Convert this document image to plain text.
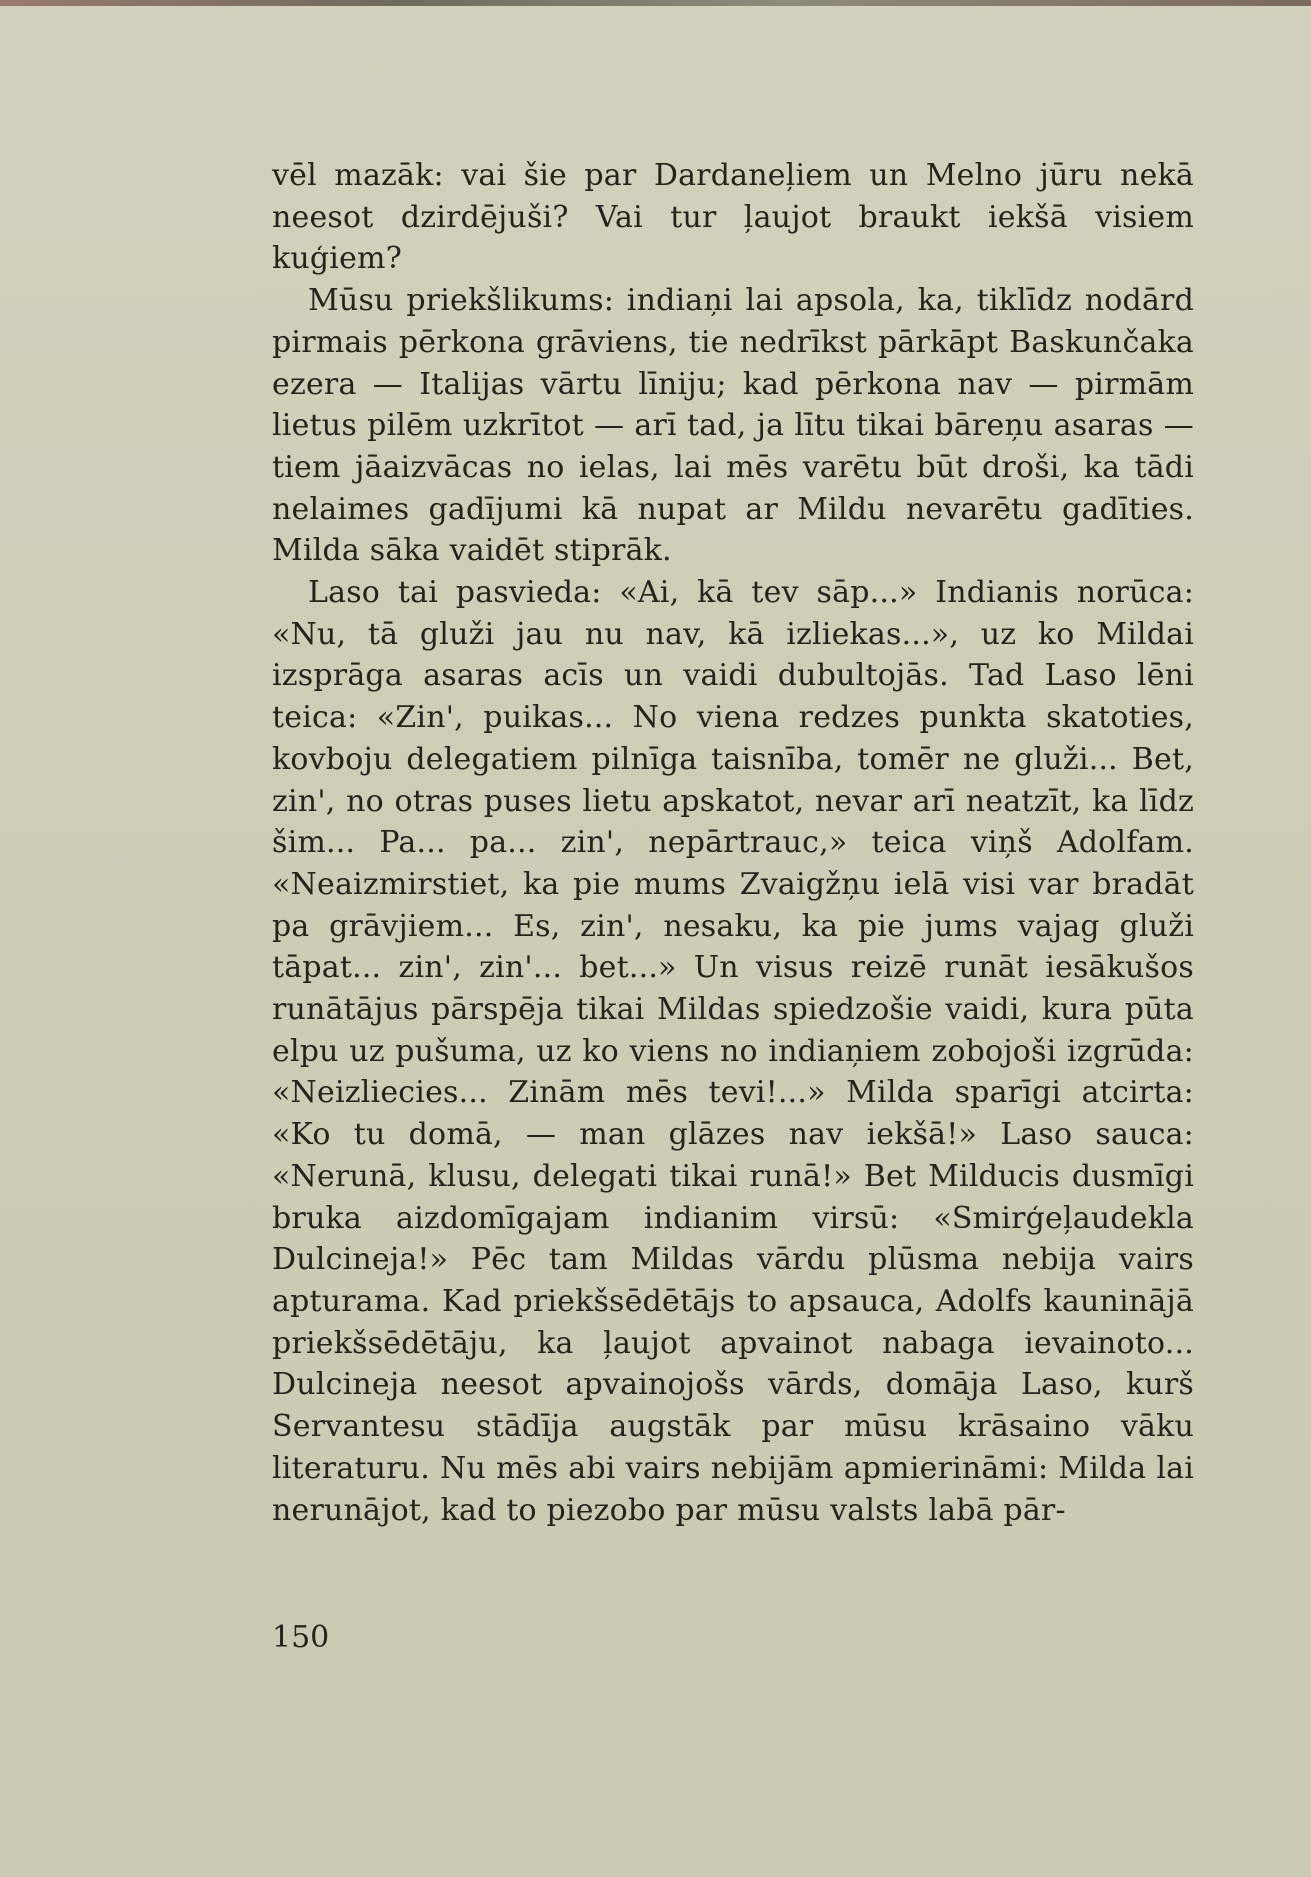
vēl mazāk: vai šie par Dardaneļiem un Melno jūru nekā neesot dzirdējuši? Vai tur ļaujot braukt iekšā visiem kuģiem?

Mūsu priekšlikums: indiaņi lai apsola, ka, tiklīdz nodārd pirmais pērkona grāviens, tie nedrīkst pārkāpt Baskunčaka ezera — Italijas vārtu līniju; kad pērkona nav — pirmām lietus pilēm uzkrītot — arī tad, ja lītu tikai bāreņu asaras — tiem jāaizvācas no ielas, lai mēs varētu būt droši, ka tādi nelaimes gadījumi kā nupat ar Mildu nevarētu gadīties. Milda sāka vaidēt stiprāk.

Laso tai pasvieda: «Ai, kā tev sāp...» Indianis norūca: «Nu, tā gluži jau nu nav, kā izliekas...», uz ko Mildai izsprāga asaras acīs un vaidi dubultojās. Tad Laso lēni teica: «Zin', puikas... No viena redzes punkta skatoties, kovboju delegatiem pilnīga taisnība, tomēr ne gluži... Bet, zin', no otras puses lietu apskatot, nevar arī neatzīt, ka līdz šim... Pa... pa... zin', nepārtrauc,» teica viņš Adolfam. «Neaizmirstiet, ka pie mums Zvaigžņu ielā visi var bradāt pa grāvjiem... Es, zin', nesaku, ka pie jums vajag gluži tāpat... zin', zin'... bet...» Un visus reizē runāt iesākušos runātājus pārspēja tikai Mildas spiedzošie vaidi, kura pūta elpu uz pušuma, uz ko viens no indiaņiem zobojoši izgrūda: «Neizliecies... Zinām mēs tevi!...» Milda sparīgi atcirta: «Ko tu domā, — man glāzes nav iekšā!» Laso sauca: «Nerunā, klusu, delegati tikai runā!» Bet Milducis dusmīgi bruka aizdomīgajam indianim virsū: «Smirģeļaudekla Dulcineja!» Pēc tam Mildas vārdu plūsma nebija vairs apturama. Kad priekšsēdētājs to apsauca, Adolfs kauninājā priekšsēdētāju, ka ļaujot apvainot nabaga ievainoto... Dulcineja neesot apvainojošs vārds, domāja Laso, kurš Servantesu stādīja augstāk par mūsu krāsaino vāku literaturu. Nu mēs abi vairs nebijām apmierināmi: Milda lai nerunājot, kad to piezobo par mūsu valsts labā pār-

150
